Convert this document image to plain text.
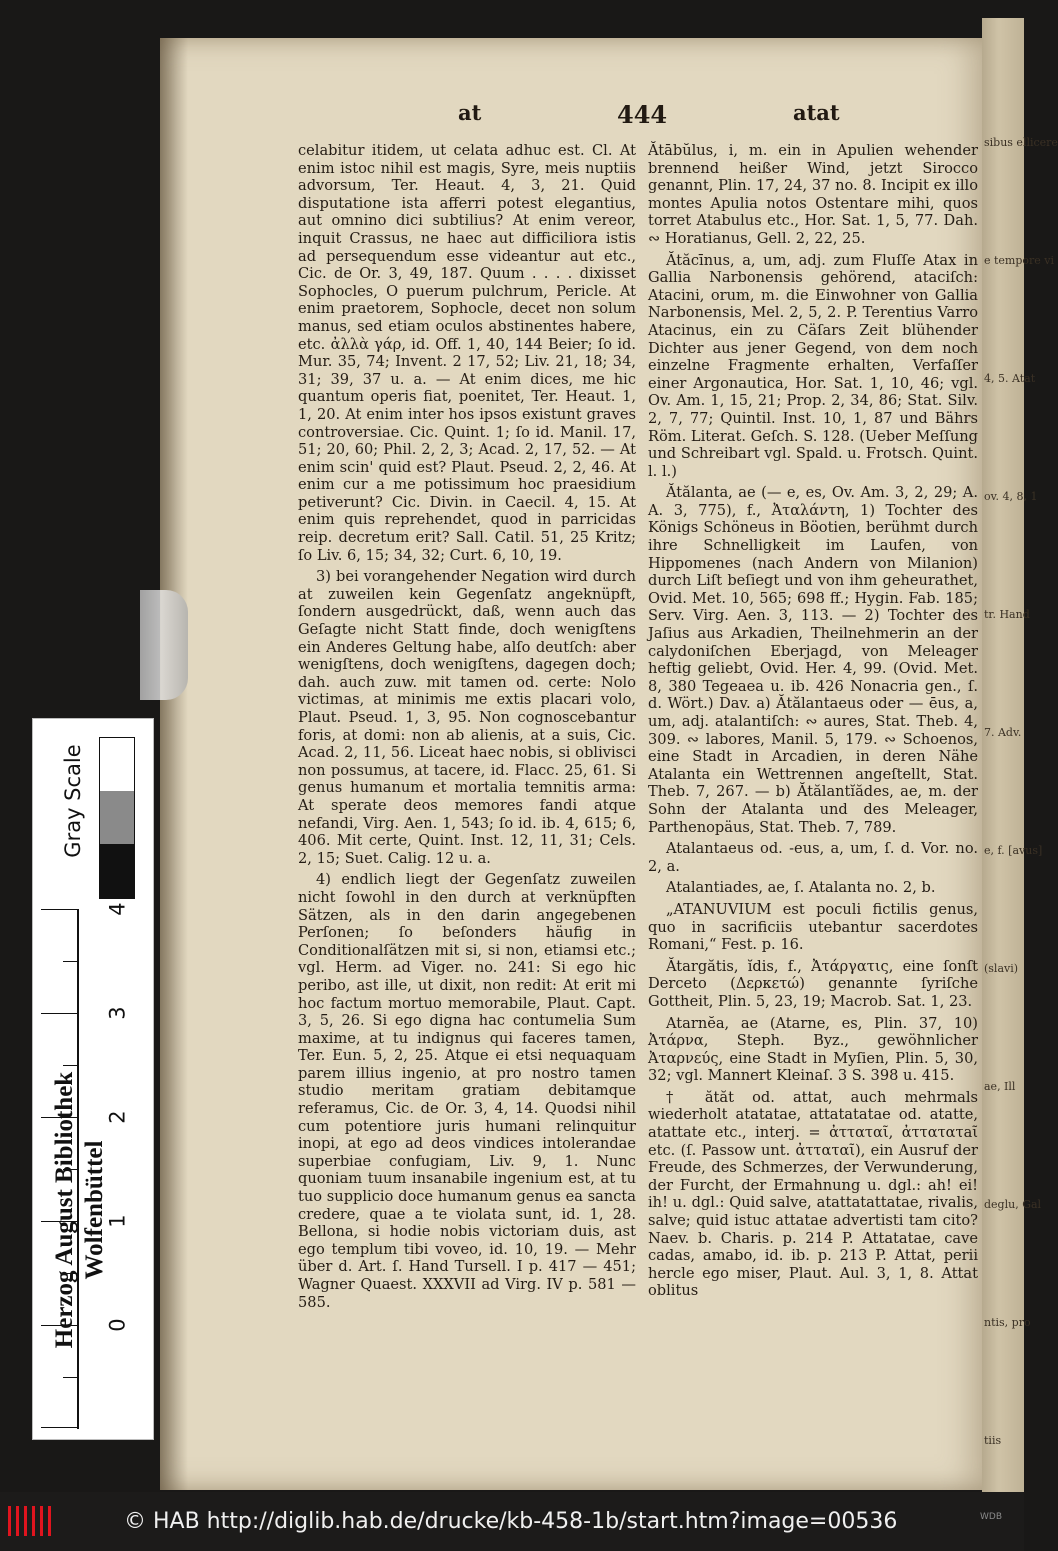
sibus ellicere
e tempore vi
4, 5. Atat
ov. 4, 8, 1
tr. Hand
7. Adv.
e, f. [avus]
(slavi)
ae, Ill
deglu, Gal
ntis, pro
tiis
at	444	atat

celabitur itidem, ut celata adhuc est. Cl. At enim istoc nihil est magis, Syre, meis nuptiis advorsum, Ter. Heaut. 4, 3, 21. Quid disputatione ista afferri potest elegantius, aut omnino dici subtilius? At enim vereor, inquit Crassus, ne haec aut difficiliora istis ad persequendum esse videantur aut etc., Cic. de Or. 3, 49, 187. Quum . . . . dixisset Sophocles, O puerum pulchrum, Pericle. At enim praetorem, Sophocle, decet non solum manus, sed etiam oculos abstinentes habere, etc. ἀλλὰ γάρ, id. Off. 1, 40, 144 Beier; ſo id. Mur. 35, 74; Invent. 2 17, 52; Liv. 21, 18; 34, 31; 39, 37 u. a. — At enim dices, me hic quantum operis fiat, poenitet, Ter. Heaut. 1, 1, 20. At enim inter hos ipsos existunt graves controversiae. Cic. Quint. 1; ſo id. Manil. 17, 51; 20, 60; Phil. 2, 2, 3; Acad. 2, 17, 52. — At enim scin' quid est? Plaut. Pseud. 2, 2, 46. At enim cur a me potissimum hoc praesidium petiverunt? Cic. Divin. in Caecil. 4, 15. At enim quis reprehendet, quod in parricidas reip. decretum erit? Sall. Catil. 51, 25 Kritz; ſo Liv. 6, 15; 34, 32; Curt. 6, 10, 19.

3) bei vorangehender Negation wird durch at zuweilen kein Gegenſatz angeknüpft, ſondern ausgedrückt, daß, wenn auch das Geſagte nicht Statt finde, doch wenigſtens ein Anderes Geltung habe, alſo deutſch: aber wenigſtens, doch wenigſtens, dagegen doch; dah. auch zuw. mit tamen od. certe: Nolo victimas, at minimis me extis placari volo, Plaut. Pseud. 1, 3, 95. Non cognoscebantur foris, at domi: non ab alienis, at a suis, Cic. Acad. 2, 11, 56. Liceat haec nobis, si oblivisci non possumus, at tacere, id. Flacc. 25, 61. Si genus humanum et mortalia temnitis arma: At sperate deos memores fandi atque nefandi, Virg. Aen. 1, 543; ſo id. ib. 4, 615; 6, 406. Mit certe, Quint. Inst. 12, 11, 31; Cels. 2, 15; Suet. Calig. 12 u. a.

4) endlich liegt der Gegenſatz zuweilen nicht ſowohl in den durch at verknüpften Sätzen, als in den darin angegebenen Perſonen; ſo beſonders häufig in Conditionalſätzen mit si, si non, etiamsi etc.; vgl. Herm. ad Viger. no. 241: Si ego hic peribo, ast ille, ut dixit, non redit: At erit mi hoc factum mortuo memorabile, Plaut. Capt. 3, 5, 26. Si ego digna hac contumelia Sum maxime, at tu indignus qui faceres tamen, Ter. Eun. 5, 2, 25. Atque ei etsi nequaquam parem illius ingenio, at pro nostro tamen studio meritam gratiam debitamque referamus, Cic. de Or. 3, 4, 14. Quodsi nihil cum potentiore juris humani relinquitur inopi, at ego ad deos vindices intolerandae superbiae confugiam, Liv. 9, 1. Nunc quoniam tuum insanabile ingenium est, at tu tuo supplicio doce humanum genus ea sancta credere, quae a te violata sunt, id. 1, 28. Bellona, si hodie nobis victoriam duis, ast ego templum tibi voveo, id. 10, 19. — Mehr über d. Art. ſ. Hand Tursell. I p. 417 — 451; Wagner Quaest. XXXVII ad Virg. IV p. 581 — 585.

Ătābŭlus, i, m. ein in Apulien wehender brennend heißer Wind, jetzt Sirocco genannt, Plin. 17, 24, 37 no. 8. Incipit ex illo montes Apulia notos Ostentare mihi, quos torret Atabulus etc., Hor. Sat. 1, 5, 77. Dah. ∾ Horatianus, Gell. 2, 22, 25.

Ătăcīnus, a, um, adj. zum Fluſſe Atax in Gallia Narbonensis gehörend, ataciſch: Atacini, orum, m. die Einwohner von Gallia Narbonensis, Mel. 2, 5, 2. P. Terentius Varro Atacinus, ein zu Cäſars Zeit blühender Dichter aus jener Gegend, von dem noch einzelne Fragmente erhalten, Verfaſſer einer Argonautica, Hor. Sat. 1, 10, 46; vgl. Ov. Am. 1, 15, 21; Prop. 2, 34, 86; Stat. Silv. 2, 7, 77; Quintil. Inst. 10, 1, 87 und Bährs Röm. Literat. Geſch. S. 128. (Ueber Meſſung und Schreibart vgl. Spald. u. Frotsch. Quint. l. l.)

Ătălanta, ae (— e, es, Ov. Am. 3, 2, 29; A. A. 3, 775), f., Ἀταλάντη, 1) Tochter des Königs Schöneus in Böotien, berühmt durch ihre Schnelligkeit im Laufen, von Hippomenes (nach Andern von Milanion) durch Liſt beſiegt und von ihm geheurathet, Ovid. Met. 10, 565; 698 ff.; Hygin. Fab. 185; Serv. Virg. Aen. 3, 113. — 2) Tochter des Jaſius aus Arkadien, Theilnehmerin an der calydoniſchen Eberjagd, von Meleager heftig geliebt, Ovid. Her. 4, 99. (Ovid. Met. 8, 380 Tegeaea u. ib. 426 Nonacria gen., ſ. d. Wört.) Dav. a) Ătălantaeus oder — ēus, a, um, adj. atalantiſch: ∾ aures, Stat. Theb. 4, 309. ∾ labores, Manil. 5, 179. ∾ Schoenos, eine Stadt in Arcadien, in deren Nähe Atalanta ein Wettrennen angeſtellt, Stat. Theb. 7, 267. — b) Ătălantĭădes, ae, m. der Sohn der Atalanta und des Meleager, Parthenopäus, Stat. Theb. 7, 789.

Atalantaeus od. -eus, a, um, ſ. d. Vor. no. 2, a.

Atalantiades, ae, ſ. Atalanta no. 2, b.

„ATANUVIUM est poculi fictilis genus, quo in sacrificiis utebantur sacerdotes Romani,“ Fest. p. 16.

Ătargătis, ĭdis, f., Ἀτάργατις, eine ſonſt Derceto (Δερκετώ) genannte ſyriſche Gottheit, Plin. 5, 23, 19; Macrob. Sat. 1, 23.

Atarnĕa, ae (Atarne, es, Plin. 37, 10) Ἀτάρνα, Steph. Byz., gewöhnlicher Ἀταρνεύς, eine Stadt in Myſien, Plin. 5, 30, 32; vgl. Mannert Kleinaſ. 3 S. 398 u. 415.

† ătăt od. attat, auch mehrmals wiederholt atatatae, attatatatae od. atatte, atattate etc., interj. = ἀτταταῖ, ἀττατατaῖ etc. (ſ. Passow unt. ἀτταταῖ), ein Ausruf der Freude, des Schmerzes, der Verwunderung, der Furcht, der Ermahnung u. dgl.: ah! ei! ih! u. dgl.: Quid salve, atattatattatae, rivalis, salve; quid istuc attatae advertisti tam cito? Naev. b. Charis. p. 214 P. Attatatae, cave cadas, amabo, id. ib. p. 213 P. Attat, perii hercle ego miser, Plaut. Aul. 3, 1, 8. Attat oblitus

Gray Scale
4
3
2
1
0
Herzog August Bibliothek Wolfenbüttel
© HAB http://diglib.hab.de/drucke/kb-458-1b/start.htm?image=00536	WDB
